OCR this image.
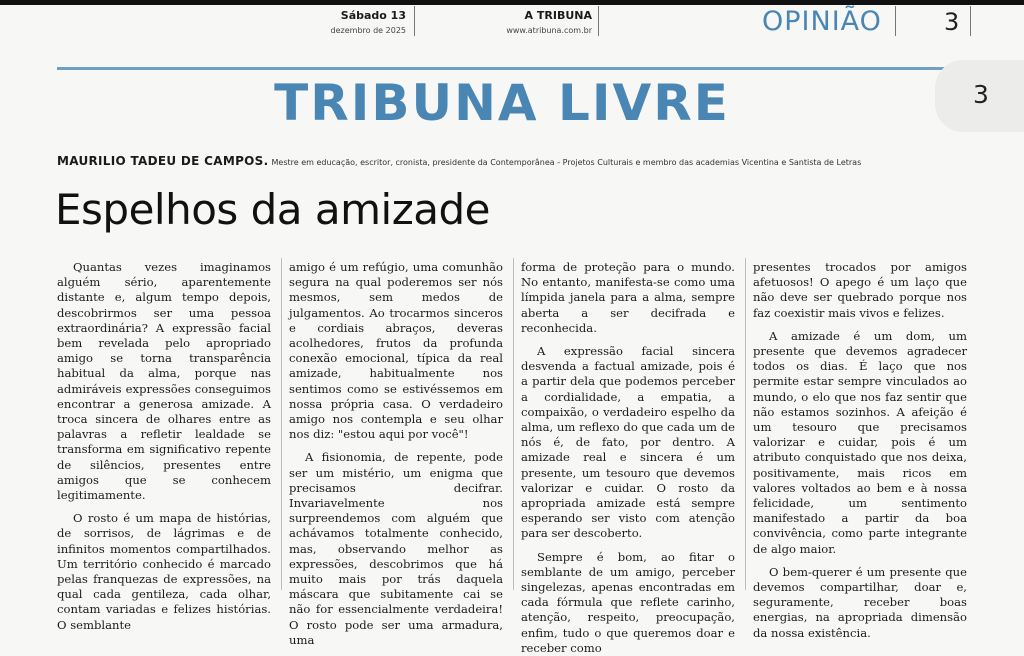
Sábado 13
dezembro de 2025
A TRIBUNA
www.atribuna.com.br	OPINIÃO	3
TRIBUNA LIVRE	3
MAURILIO TADEU DE CAMPOS. Mestre em educação, escritor, cronista, presidente da Contemporânea - Projetos Culturais e membro das academias Vicentina e Santista de Letras
Espelhos da amizade

Quantas vezes imaginamos alguém sério, aparentemente distante e, algum tempo depois, descobrirmos ser uma pessoa extraordinária? A expressão facial bem revelada pelo apropriado amigo se torna transparência habitual da alma, porque nas admiráveis expressões conseguimos encontrar a generosa amizade. A troca sincera de olhares entre as palavras a refletir lealdade se transforma em significativo repente de silêncios, presentes entre amigos que se conhecem legitimamente.

O rosto é um mapa de histórias, de sorrisos, de lágrimas e de infinitos momentos compartilhados. Um território conhecido é marcado pelas franquezas de expressões, na qual cada gentileza, cada olhar, contam variadas e felizes histórias. O semblante

amigo é um refúgio, uma comunhão segura na qual poderemos ser nós mesmos, sem medos de julgamentos. Ao trocarmos sinceros e cordiais abraços, deveras acolhedores, frutos da profunda conexão emocional, típica da real amizade, habitualmente nos sentimos como se estivéssemos em nossa própria casa. O verdadeiro amigo nos contempla e seu olhar nos diz: "estou aqui por você"!

A fisionomia, de repente, pode ser um mistério, um enigma que precisamos decifrar. Invariavelmente nos surpreendemos com alguém que achávamos totalmente conhecido, mas, observando melhor as expressões, descobrimos que há muito mais por trás daquela máscara que subitamente cai se não for essencialmente verdadeira! O rosto pode ser uma armadura, uma

forma de proteção para o mundo. No entanto, manifesta-se como uma límpida janela para a alma, sempre aberta a ser decifrada e reconhecida.

A expressão facial sincera desvenda a factual amizade, pois é a partir dela que podemos perceber a cordialidade, a empatia, a compaixão, o verdadeiro espelho da alma, um reflexo do que cada um de nós é, de fato, por dentro. A amizade real e sincera é um presente, um tesouro que devemos valorizar e cuidar. O rosto da apropriada amizade está sempre esperando ser visto com atenção para ser descoberto.

Sempre é bom, ao fitar o semblante de um amigo, perceber singelezas, apenas encontradas em cada fórmula que reflete carinho, atenção, respeito, preocupação, enfim, tudo o que queremos doar e receber como

presentes trocados por amigos afetuosos! O apego é um laço que não deve ser quebrado porque nos faz coexistir mais vivos e felizes.

A amizade é um dom, um presente que devemos agradecer todos os dias. É laço que nos permite estar sempre vinculados ao mundo, o elo que nos faz sentir que não estamos sozinhos. A afeição é um tesouro que precisamos valorizar e cuidar, pois é um atributo conquistado que nos deixa, positivamente, mais ricos em valores voltados ao bem e à nossa felicidade, um sentimento manifestado a partir da boa convivência, como parte integrante de algo maior.

O bem-querer é um presente que devemos compartilhar, doar e, seguramente, receber boas energias, na apropriada dimensão da nossa existência.
